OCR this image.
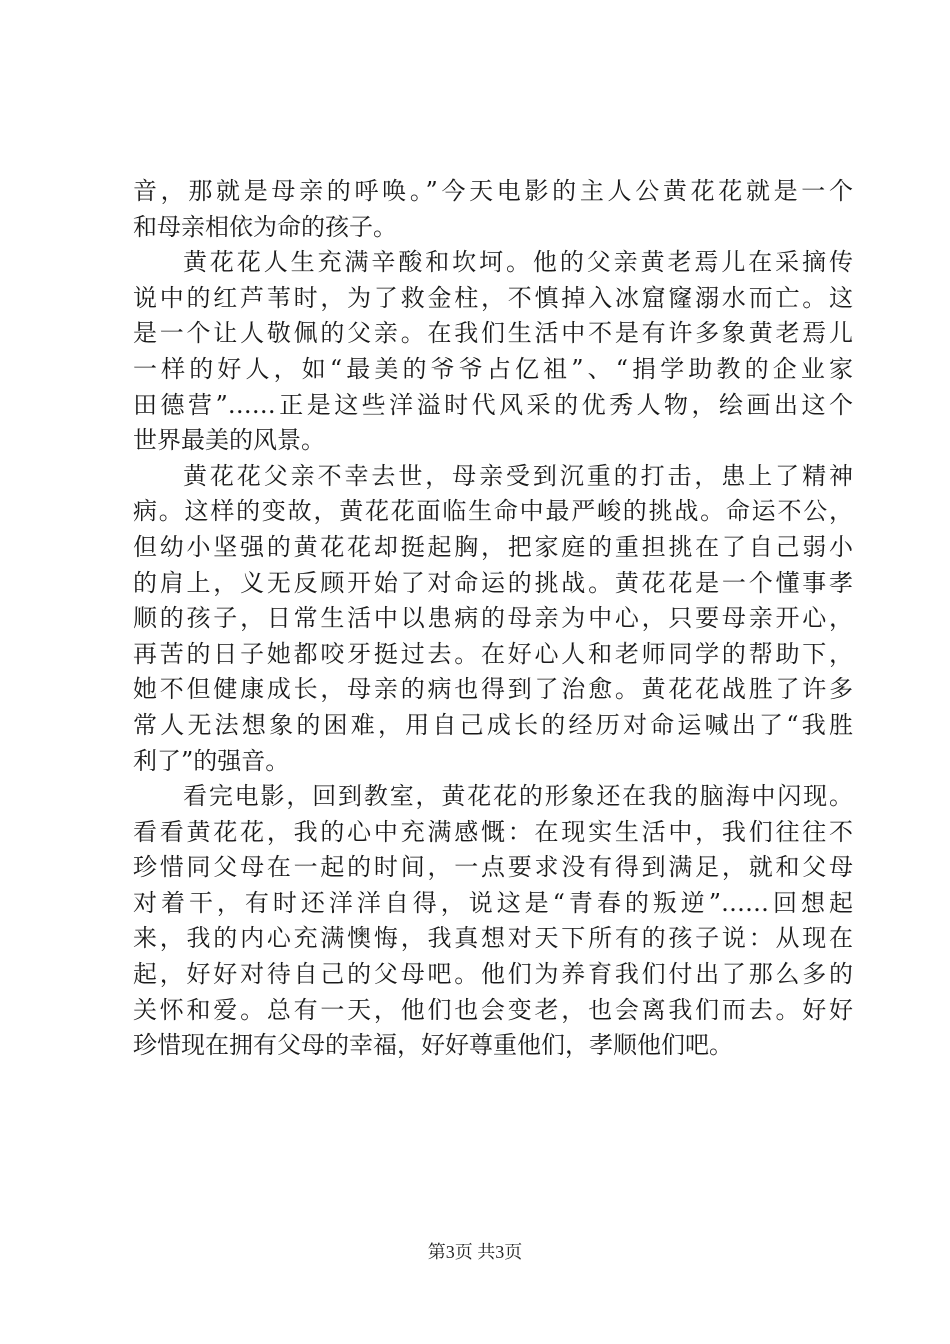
音，那就是母亲的呼唤。”今天电影的主人公黄花花就是一个
和母亲相依为命的孩子。
黄花花人生充满辛酸和坎坷。他的父亲黄老焉儿在采摘传
说中的红芦苇时，为了救金柱，不慎掉入冰窟窿溺水而亡。这
是一个让人敬佩的父亲。在我们生活中不是有许多象黄老焉儿
一样的好人，如“最美的爷爷占亿祖”、“捐学助教的企业家
田德营”……正是这些洋溢时代风采的优秀人物，绘画出这个
世界最美的风景。
黄花花父亲不幸去世，母亲受到沉重的打击，患上了精神
病。这样的变故，黄花花面临生命中最严峻的挑战。命运不公，
但幼小坚强的黄花花却挺起胸，把家庭的重担挑在了自己弱小
的肩上，义无反顾开始了对命运的挑战。黄花花是一个懂事孝
顺的孩子，日常生活中以患病的母亲为中心，只要母亲开心，
再苦的日子她都咬牙挺过去。在好心人和老师同学的帮助下，
她不但健康成长，母亲的病也得到了治愈。黄花花战胜了许多
常人无法想象的困难，用自己成长的经历对命运喊出了“我胜
利了”的强音。
看完电影，回到教室，黄花花的形象还在我的脑海中闪现。
看看黄花花，我的心中充满感慨：在现实生活中，我们往往不
珍惜同父母在一起的时间，一点要求没有得到满足，就和父母
对着干，有时还洋洋自得，说这是“青春的叛逆”……回想起
来，我的内心充满懊悔，我真想对天下所有的孩子说：从现在
起，好好对待自己的父母吧。他们为养育我们付出了那么多的
关怀和爱。总有一天，他们也会变老，也会离我们而去。好好
珍惜现在拥有父母的幸福，好好尊重他们，孝顺他们吧。
第3页 共3页
